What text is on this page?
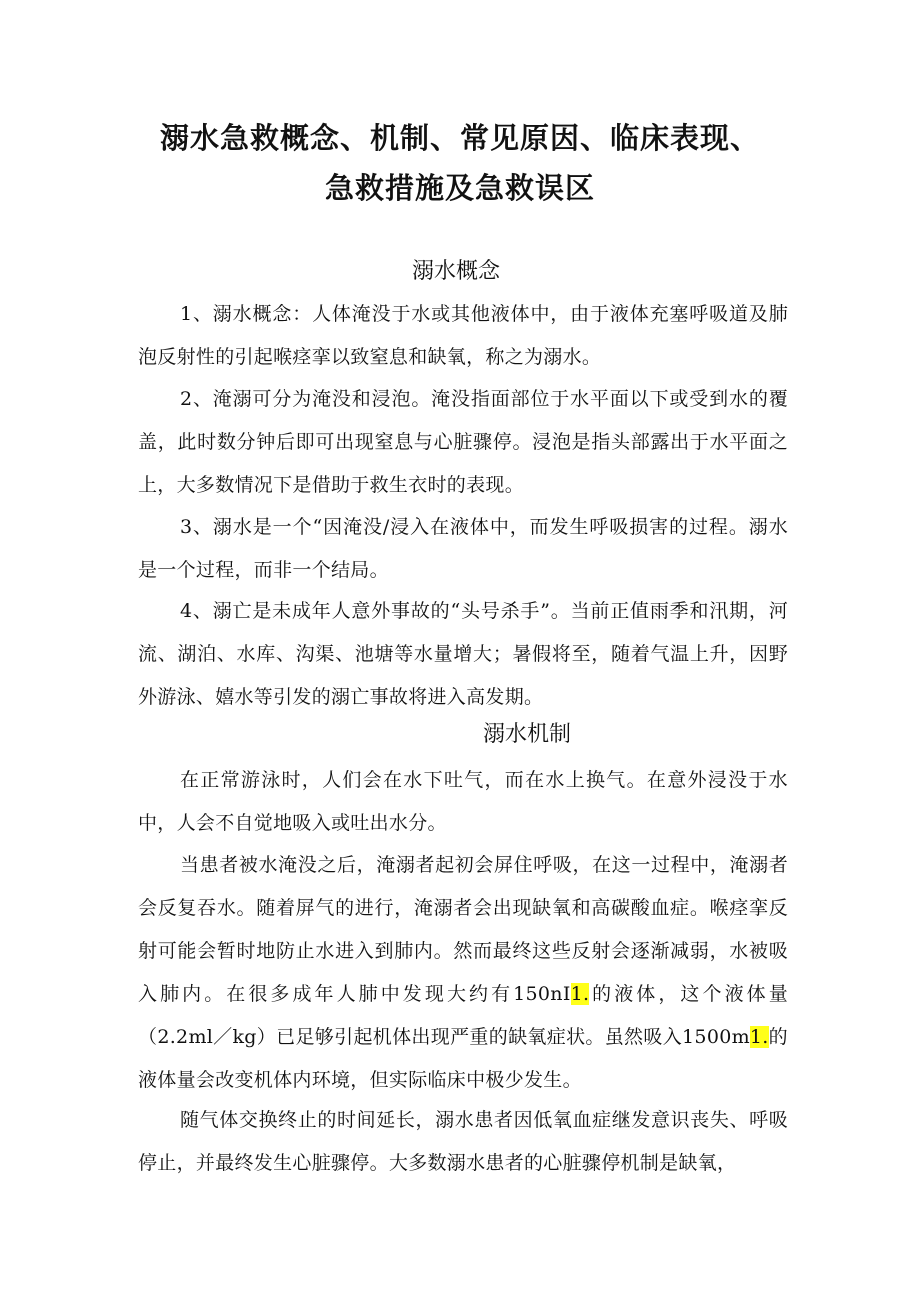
溺水急救概念、机制、常见原因、临床表现、
急救措施及急救误区
溺水概念

1、溺水概念：人体淹没于水或其他液体中，由于液体充塞呼吸道及肺泡反射性的引起喉痉挛以致窒息和缺氧，称之为溺水。

2、淹溺可分为淹没和浸泡。淹没指面部位于水平面以下或受到水的覆盖，此时数分钟后即可出现窒息与心脏骤停。浸泡是指头部露出于水平面之上，大多数情况下是借助于救生衣时的表现。

3、溺水是一个“因淹没/浸入在液体中，而发生呼吸损害的过程。溺水是一个过程，而非一个结局。

4、溺亡是未成年人意外事故的“头号杀手”。当前正值雨季和汛期，河流、湖泊、水库、沟渠、池塘等水量增大；暑假将至，随着气温上升，因野外游泳、嬉水等引发的溺亡事故将进入高发期。

溺水机制

在正常游泳时，人们会在水下吐气，而在水上换气。在意外浸没于水中，人会不自觉地吸入或吐出水分。

当患者被水淹没之后，淹溺者起初会屏住呼吸，在这一过程中，淹溺者会反复吞水。随着屏气的进行，淹溺者会出现缺氧和高碳酸血症。喉痉挛反射可能会暂时地防止水进入到肺内。然而最终这些反射会逐渐减弱，水被吸入肺内。在很多成年人肺中发现大约有150nI1.的液体，这个液体量（2.2ml／kg）已足够引起机体出现严重的缺氧症状。虽然吸入1500m1.的液体量会改变机体内环境，但实际临床中极少发生。

随气体交换终止的时间延长，溺水患者因低氧血症继发意识丧失、呼吸停止，并最终发生心脏骤停。大多数溺水患者的心脏骤停机制是缺氧，
